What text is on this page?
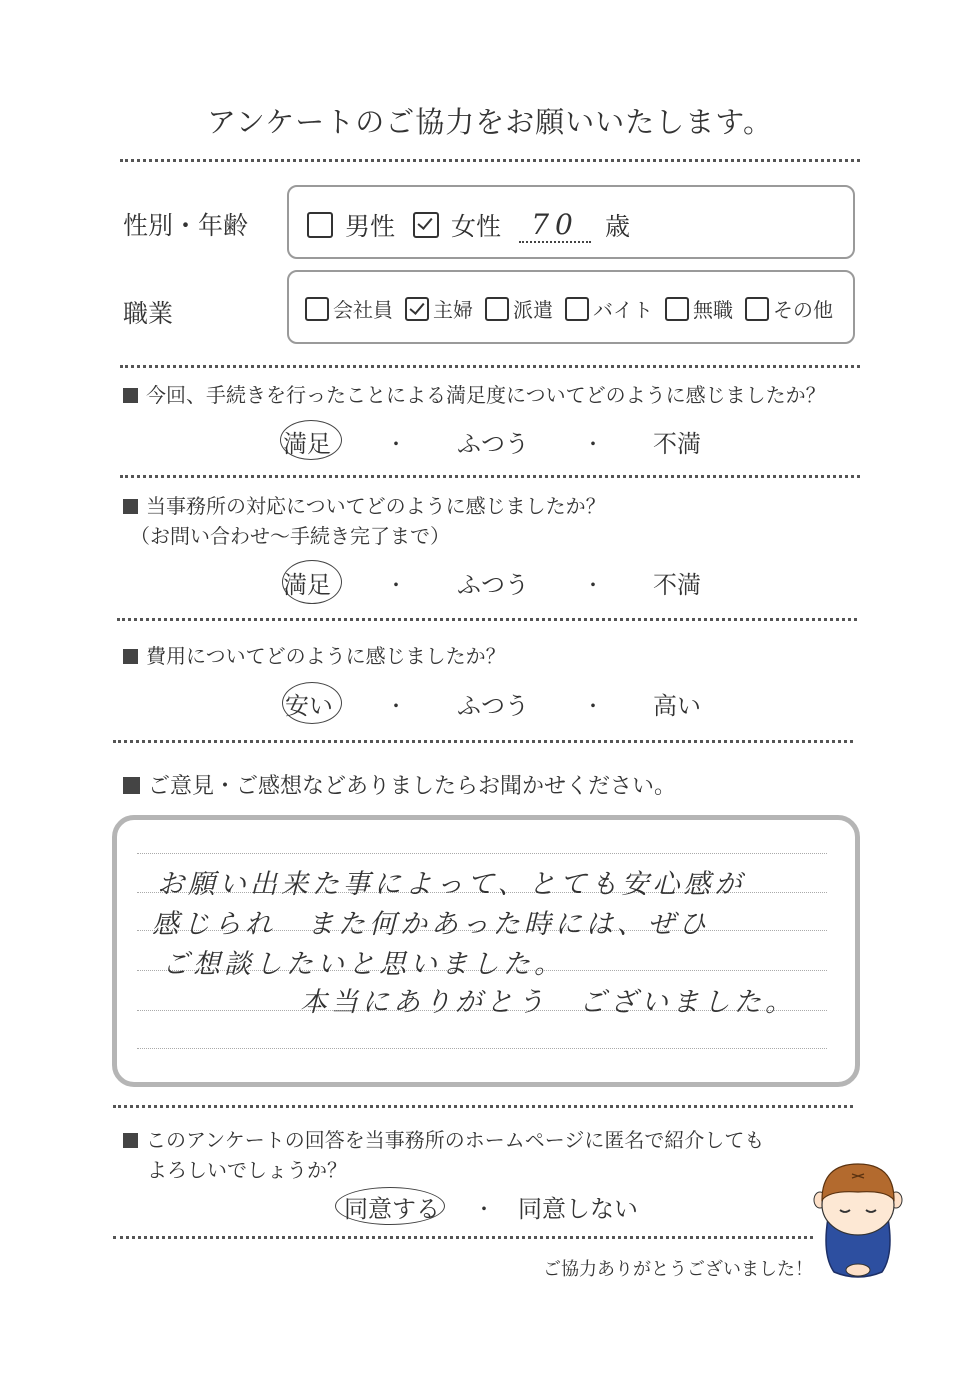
アンケートのご協力をお願いいたします。
性別・年齢	男性 女性	70	歳
職業	会社員 主婦 派遣 バイト 無職 その他
今回、手続きを行ったことによる満足度についてどのように感じましたか？
満足	・ ふつう	・ 不満
当事務所の対応についてどのように感じましたか？
（お問い合わせ〜手続き完了まで）
満足	・ ふつう	・ 不満
費用についてどのように感じましたか？
安い	・ ふつう	・ 高い
ご意見・ご感想などありましたらお聞かせください。
お願い出来た事によって、とても安心感が
感じられ　また何かあった時には、ぜひ
ご想談したいと思いました。
本当にありがとう　ございました。
このアンケートの回答を当事務所のホームページに匿名で紹介しても
よろしいでしょうか？
同意する ・ 同意しない
ご協力ありがとうございました！
